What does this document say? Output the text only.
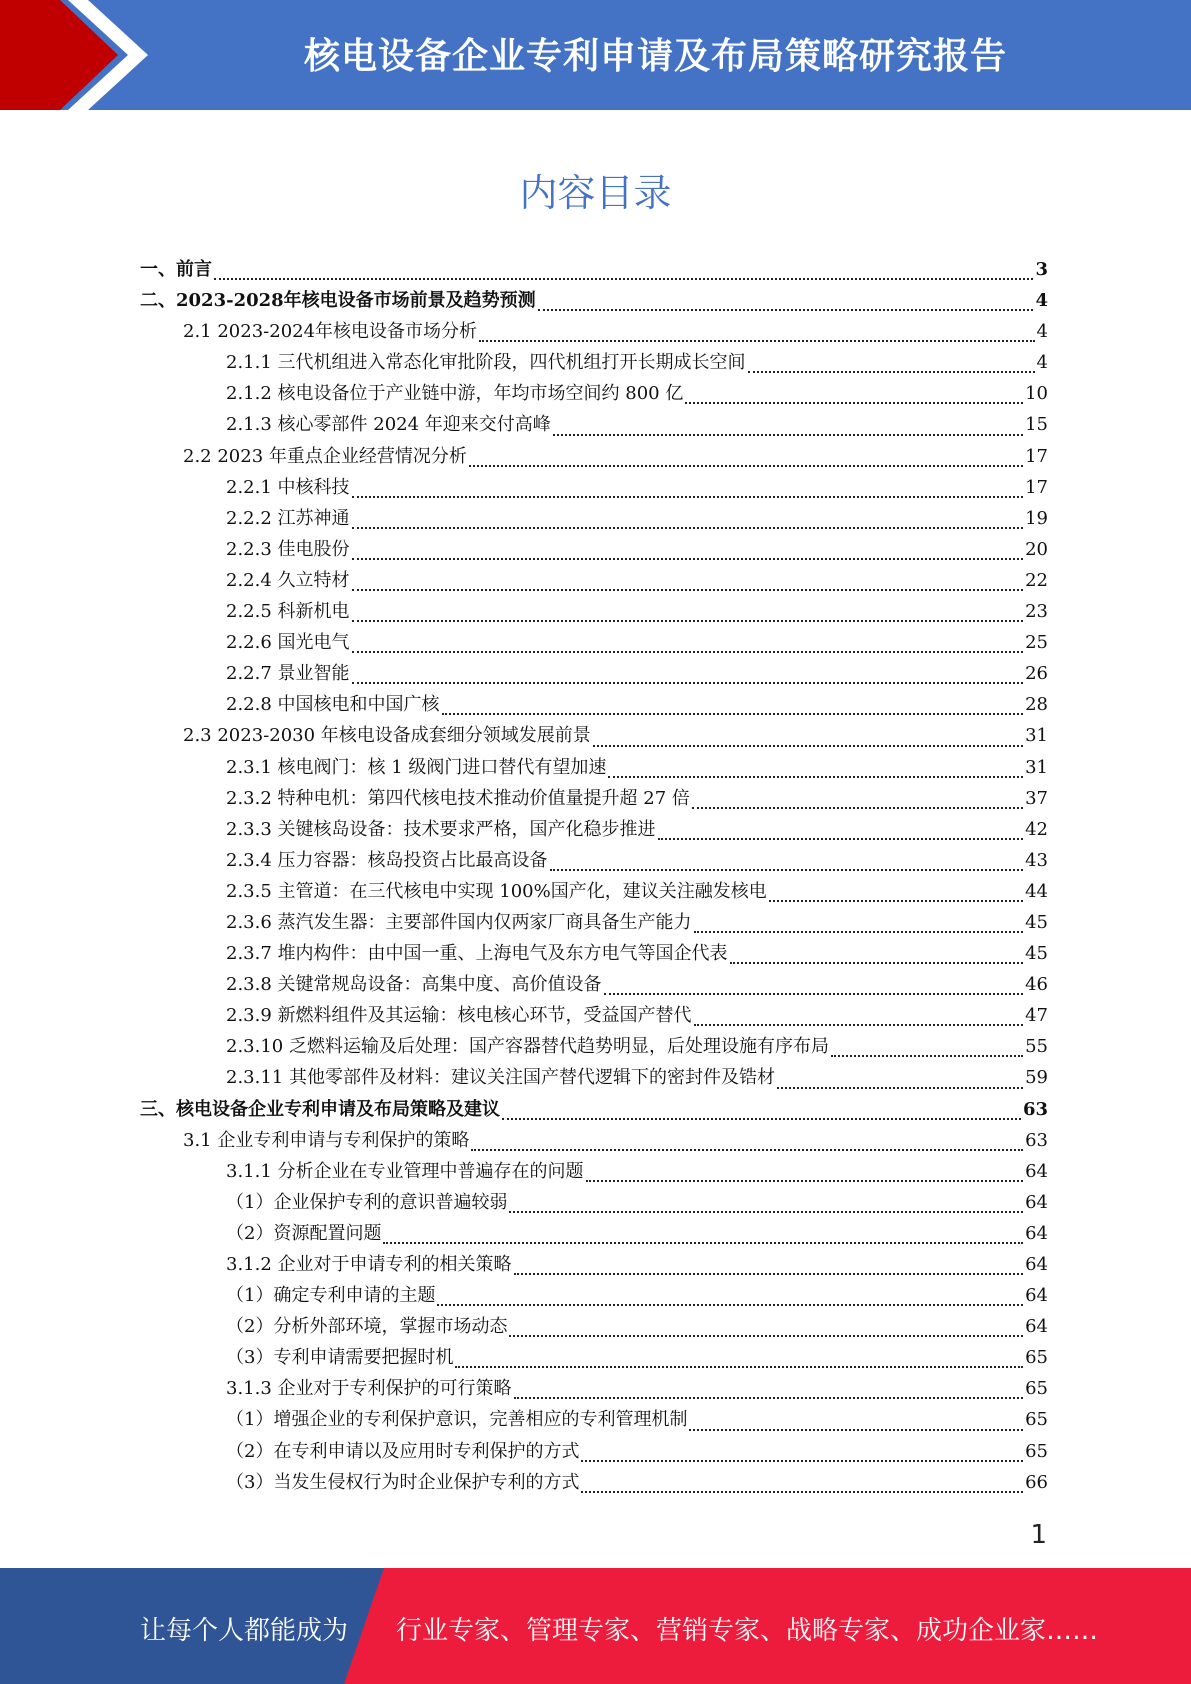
核电设备企业专利申请及布局策略研究报告
内容目录
一、前言	3
二、2023-2028年核电设备市场前景及趋势预测	4
2.1 2023-2024年核电设备市场分析	4
2.1.1 三代机组进入常态化审批阶段，四代机组打开长期成长空间	4
2.1.2 核电设备位于产业链中游，年均市场空间约 800 亿	10
2.1.3 核心零部件 2024 年迎来交付高峰	15
2.2 2023 年重点企业经营情况分析	17
2.2.1 中核科技	17
2.2.2 江苏神通	19
2.2.3 佳电股份	20
2.2.4 久立特材	22
2.2.5 科新机电	23
2.2.6 国光电气	25
2.2.7 景业智能	26
2.2.8 中国核电和中国广核	28
2.3 2023-2030 年核电设备成套细分领域发展前景	31
2.3.1 核电阀门：核 1 级阀门进口替代有望加速	31
2.3.2 特种电机：第四代核电技术推动价值量提升超 27 倍	37
2.3.3 关键核岛设备：技术要求严格，国产化稳步推进	42
2.3.4 压力容器：核岛投资占比最高设备	43
2.3.5 主管道：在三代核电中实现 100%国产化，建议关注融发核电	44
2.3.6 蒸汽发生器：主要部件国内仅两家厂商具备生产能力	45
2.3.7 堆内构件：由中国一重、上海电气及东方电气等国企代表	45
2.3.8 关键常规岛设备：高集中度、高价值设备	46
2.3.9 新燃料组件及其运输：核电核心环节，受益国产替代	47
2.3.10 乏燃料运输及后处理：国产容器替代趋势明显，后处理设施有序布局	55
2.3.11 其他零部件及材料：建议关注国产替代逻辑下的密封件及锆材	59
三、核电设备企业专利申请及布局策略及建议	63
3.1 企业专利申请与专利保护的策略	63
3.1.1 分析企业在专业管理中普遍存在的问题	64
（1）企业保护专利的意识普遍较弱	64
（2）资源配置问题	64
3.1.2 企业对于申请专利的相关策略	64
（1）确定专利申请的主题	64
（2）分析外部环境，掌握市场动态	64
（3）专利申请需要把握时机	65
3.1.3 企业对于专利保护的可行策略	65
（1）增强企业的专利保护意识，完善相应的专利管理机制	65
（2）在专利申请以及应用时专利保护的方式	65
（3）当发生侵权行为时企业保护专利的方式	66
1
让每个人都能成为 行业专家、管理专家、营销专家、战略专家、成功企业家……
